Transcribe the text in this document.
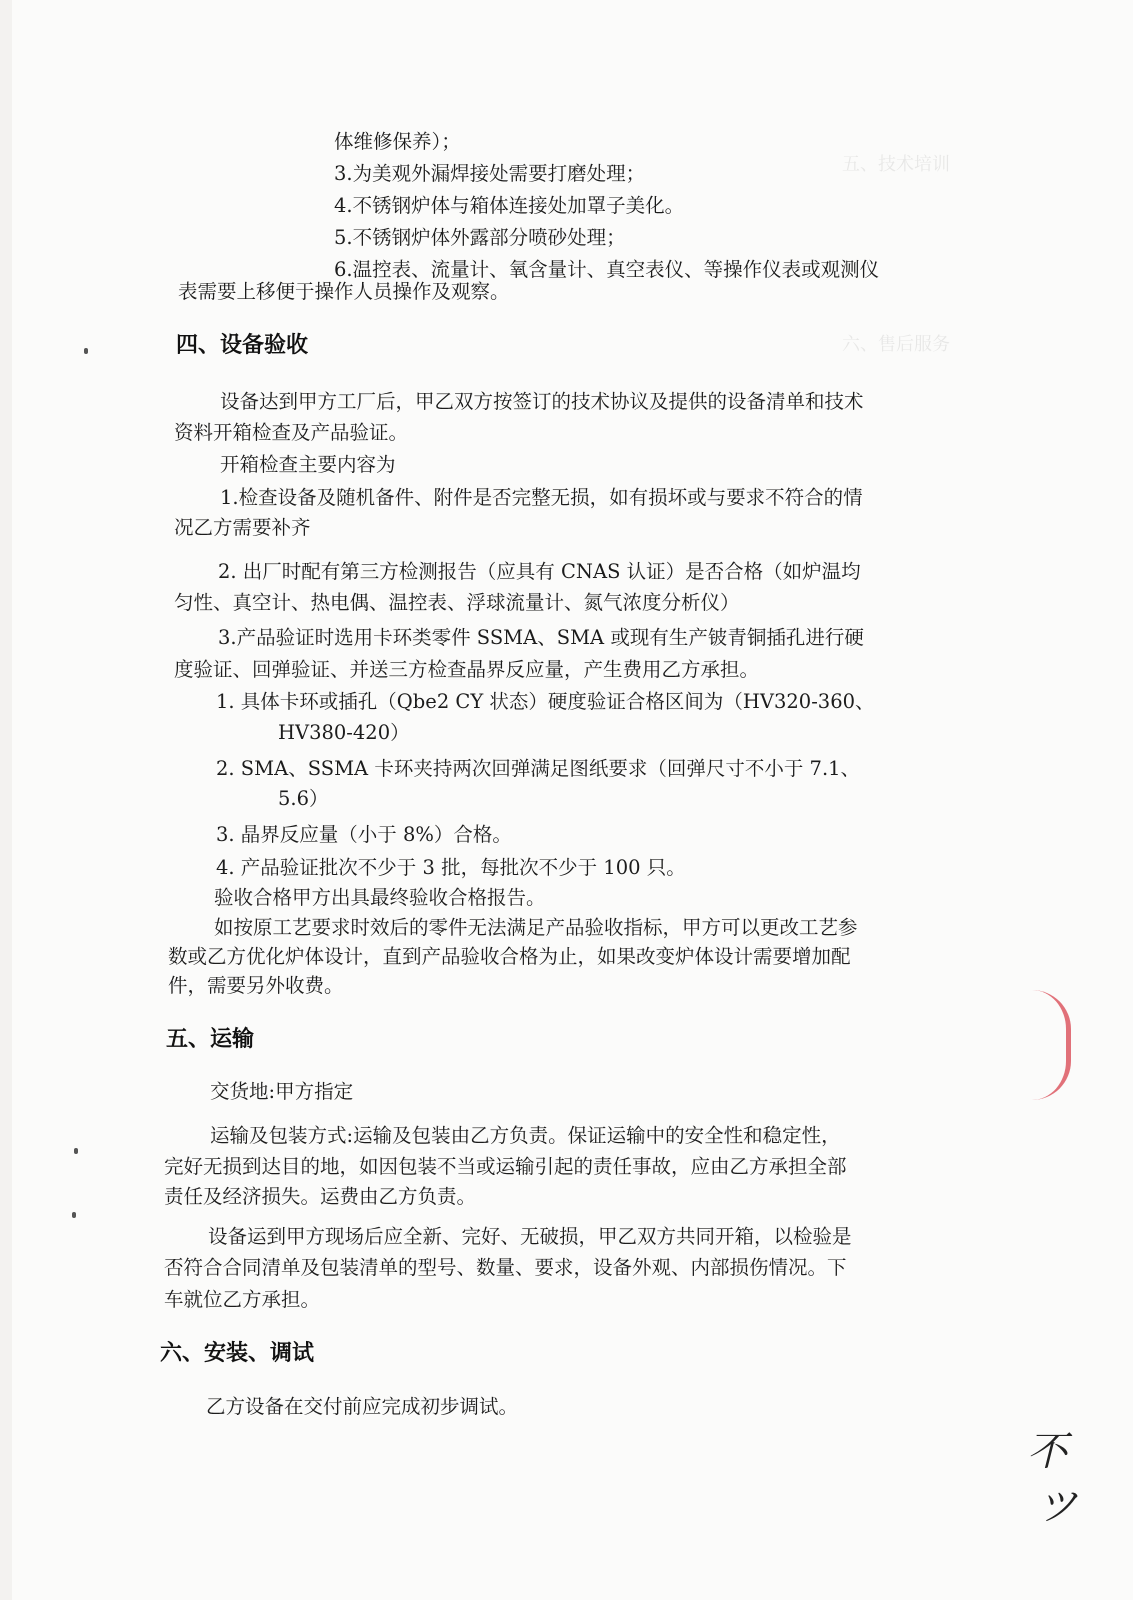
五、技术培训
六、售后服务
体维修保养）；
3.为美观外漏焊接处需要打磨处理；
4.不锈钢炉体与箱体连接处加罩子美化。
5.不锈钢炉体外露部分喷砂处理；
6.温控表、流量计、氧含量计、真空表仪、等操作仪表或观测仪
表需要上移便于操作人员操作及观察。
四、设备验收
设备达到甲方工厂后，甲乙双方按签订的技术协议及提供的设备清单和技术
资料开箱检查及产品验证。
开箱检查主要内容为
1.检查设备及随机备件、附件是否完整无损，如有损坏或与要求不符合的情
况乙方需要补齐
2. 出厂时配有第三方检测报告（应具有 CNAS 认证）是否合格（如炉温均
匀性、真空计、热电偶、温控表、浮球流量计、氮气浓度分析仪）
3.产品验证时选用卡环类零件 SSMA、SMA 或现有生产铍青铜插孔进行硬
度验证、回弹验证、并送三方检查晶界反应量，产生费用乙方承担。
1. 具体卡环或插孔（Qbe2 CY 状态）硬度验证合格区间为（HV320-360、
HV380-420）
2. SMA、SSMA 卡环夹持两次回弹满足图纸要求（回弹尺寸不小于 7.1、
5.6）
3. 晶界反应量（小于 8%）合格。
4. 产品验证批次不少于 3 批，每批次不少于 100 只。
验收合格甲方出具最终验收合格报告。
如按原工艺要求时效后的零件无法满足产品验收指标，甲方可以更改工艺参
数或乙方优化炉体设计，直到产品验收合格为止，如果改变炉体设计需要增加配
件，需要另外收费。
五、运输
交货地:甲方指定
运输及包装方式:运输及包装由乙方负责。保证运输中的安全性和稳定性，
完好无损到达目的地，如因包装不当或运输引起的责任事故，应由乙方承担全部
责任及经济损失。运费由乙方负责。
设备运到甲方现场后应全新、完好、无破损，甲乙双方共同开箱，以检验是
否符合合同清单及包装清单的型号、数量、要求，设备外观、内部损伤情况。下
车就位乙方承担。
六、安装、调试
乙方设备在交付前应完成初步调试。
不
ツ
